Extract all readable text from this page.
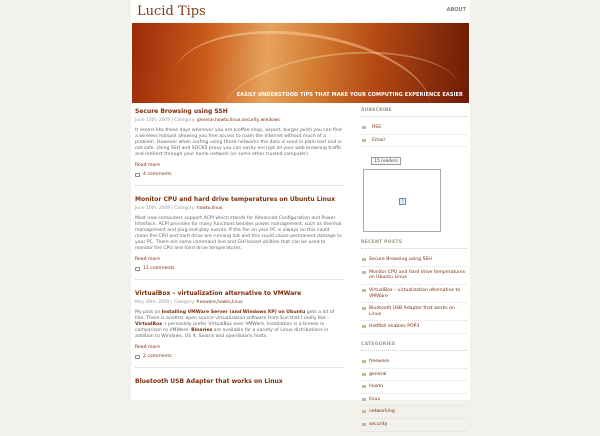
Lucid Tips	ABOUT
EASILY UNDERSTOOD TIPS THAT MAKE YOUR COMPUTING EXPERIENCE EASIER
Secure Browsing using SSH
June 13th, 2009 | Category: general,howto,linux,security,windows
It seems like these days wherever you are (coffee shop, airport, burger joint) you can find a wireless hotspot allowing you free access to roam the Internet without much of a problem. However when surfing using these networks the data is send in plain text and is not safe. Using SSH and SOCKS proxy you can easily encrypt all your web browsing traffic and redirect through your home network (or some other trusted computer).
Read more
4 comments
Monitor CPU and hard drive temperatures on Ubuntu Linux
June 10th, 2009 | Category: howto,linux
Most new computers support ACPI which stands for Advanced Configuration and Power Interface. ACPI provides for many functions besides power management, such as thermal management and plug-and-play events. If the fan on your PC is always on this could mean the CPU and hard drive are running hot and this could cause permanent damage to your PC. There are some command line and GUI based utilities that can be used to monitor the CPU and hard drive temperatures.
Read more
11 comments
VirtualBox – virtualization alternative to VMWare
May 30th, 2009 | Category: freeware,howto,linux
My post on Installing VMWare Server (and Windows XP) on Ubuntu gets a lot of hits. There is another open source virtualization software from Sun that I really like - VirtualBox. I personally prefer VirtualBox over VMWare. Installation is a breeze in comparison to VMWare. Binaries are available for a variety of Linux distributions in addition to Windows, OS X, Solaris and openSolaris hosts.
Read more
2 comments
Bluetooth USB Adapter that works on Linux
SUBSCRIBE
RSS
Email
15 readers
?
RECENT POSTS
Secure Browsing using SSH
Monitor CPU and hard drive temperatures on Ubuntu Linux
VirtualBox – virtualization alternative to VMWare
Bluetooth USB Adapter that works on Linux
HotMail enables POP3
CATEGORIES
freeware
general
howto
linux
networking
security
